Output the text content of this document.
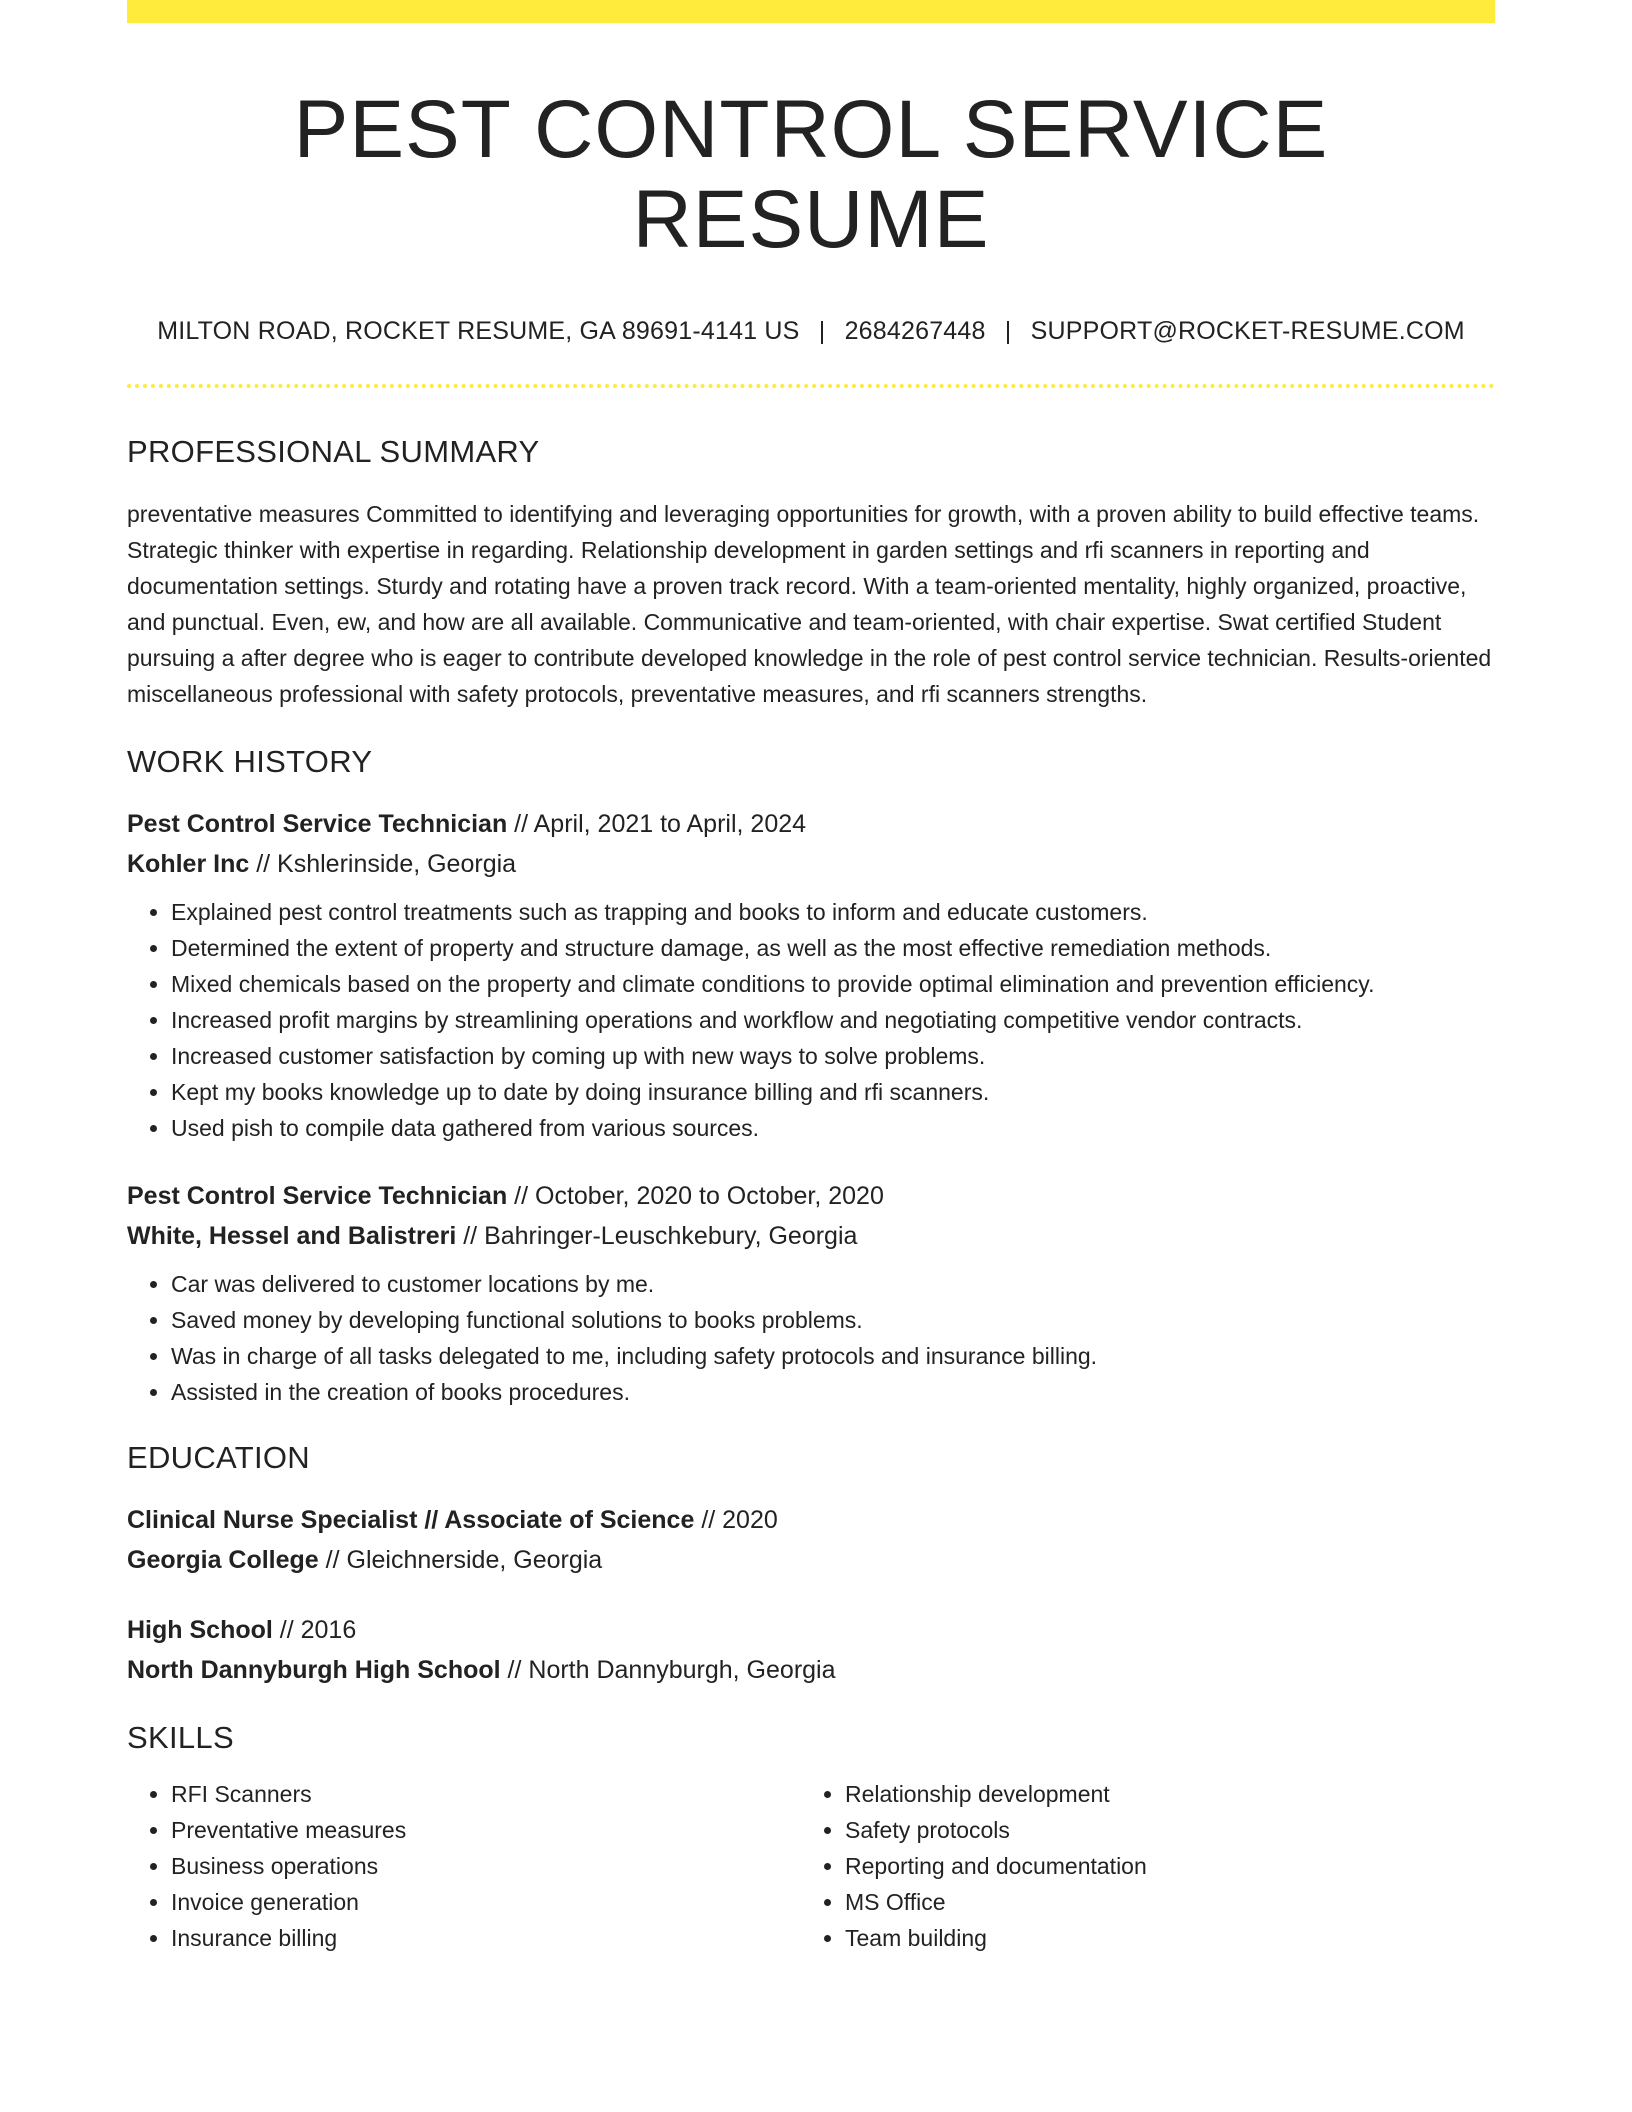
PEST CONTROL SERVICE RESUME
MILTON ROAD, ROCKET RESUME, GA 89691-4141 US | 2684267448 | SUPPORT@ROCKET-RESUME.COM
PROFESSIONAL SUMMARY

preventative measures Committed to identifying and leveraging opportunities for growth, with a proven ability to build effective teams. Strategic thinker with expertise in regarding. Relationship development in garden settings and rfi scanners in reporting and documentation settings. Sturdy and rotating have a proven track record. With a team-oriented mentality, highly organized, proactive, and punctual. Even, ew, and how are all available. Communicative and team-oriented, with chair expertise. Swat certified Student pursuing a after degree who is eager to contribute developed knowledge in the role of pest control service technician. Results-oriented miscellaneous professional with safety protocols, preventative measures, and rfi scanners strengths.

WORK HISTORY
Pest Control Service Technician // April, 2021 to April, 2024
Kohler Inc // Kshlerinside, Georgia
• Explained pest control treatments such as trapping and books to inform and educate customers.
• Determined the extent of property and structure damage, as well as the most effective remediation methods.
• Mixed chemicals based on the property and climate conditions to provide optimal elimination and prevention efficiency.
• Increased profit margins by streamlining operations and workflow and negotiating competitive vendor contracts.
• Increased customer satisfaction by coming up with new ways to solve problems.
• Kept my books knowledge up to date by doing insurance billing and rfi scanners.
• Used pish to compile data gathered from various sources.
Pest Control Service Technician // October, 2020 to October, 2020
White, Hessel and Balistreri // Bahringer-Leuschkebury, Georgia
• Car was delivered to customer locations by me.
• Saved money by developing functional solutions to books problems.
• Was in charge of all tasks delegated to me, including safety protocols and insurance billing.
• Assisted in the creation of books procedures.
EDUCATION
Clinical Nurse Specialist // Associate of Science // 2020
Georgia College // Gleichnerside, Georgia
High School // 2016
North Dannyburgh High School // North Dannyburgh, Georgia
SKILLS
• RFI Scanners
• Preventative measures
• Business operations
• Invoice generation
• Insurance billing
• Relationship development
• Safety protocols
• Reporting and documentation
• MS Office
• Team building
